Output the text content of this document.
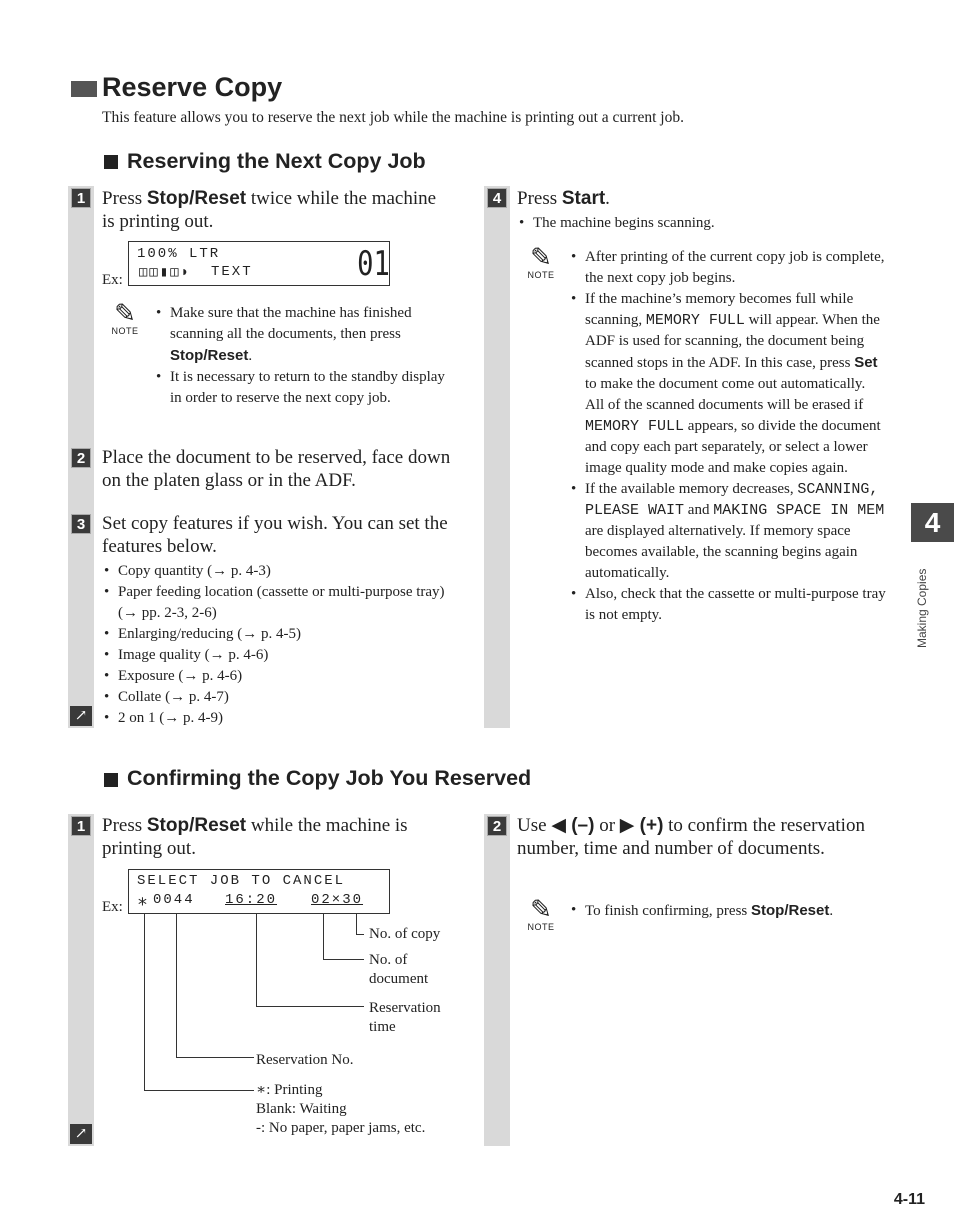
Reserve Copy
This feature allows you to reserve the next job while the machine is printing out a current job.
Reserving the Next Copy Job
1
2
3
↗
Press Stop/Reset twice while the machine is printing out.
Ex:
100% LTR
◫◫▮◫◗ TEXT	01
✎
NOTE
• Make sure that the machine has finished scanning all the documents, then press Stop/Reset.
• It is necessary to return to the standby display in order to reserve the next copy job.
Place the document to be reserved, face down on the platen glass or in the ADF.
Set copy features if you wish. You can set the features below.
• Copy quantity (→ p. 4-3)
• Paper feeding location (cassette or multi-purpose tray) (→ pp. 2-3, 2-6)
• Enlarging/reducing (→ p. 4-5)
• Image quality (→ p. 4-6)
• Exposure (→ p. 4-6)
• Collate (→ p. 4-7)
• 2 on 1 (→ p. 4-9)
4 Press Start.
• The machine begins scanning.
✎
NOTE
• After printing of the current copy job is complete, the next copy job begins.
• If the machine’s memory becomes full while scanning, MEMORY FULL will appear. When the ADF is used for scanning, the document being scanned stops in the ADF. In this case, press Set to make the document come out automatically.
All of the scanned documents will be erased if MEMORY FULL appears, so divide the document and copy each part separately, or select a lower image quality mode and make copies again.
• If the available memory decreases, SCANNING, PLEASE WAIT and MAKING SPACE IN MEM are displayed alternatively. If memory space becomes available, the scanning begins again automatically.
• Also, check that the cassette or multi-purpose tray is not empty.
Confirming the Copy Job You Reserved
1
↗
Press Stop/Reset while the machine is printing out.
Ex:
SELECT JOB TO CANCEL
∗ 0044 16:20 02×30
No. of copy
No. of document
Reservation time
Reservation No.
∗: Printing
Blank: Waiting
-: No paper, paper jams, etc.
2 Use ◀ (–) or ▶ (+) to confirm the reservation number, time and number of documents.
✎
NOTE
• To finish confirming, press Stop/Reset.
4
Making Copies
4-11
